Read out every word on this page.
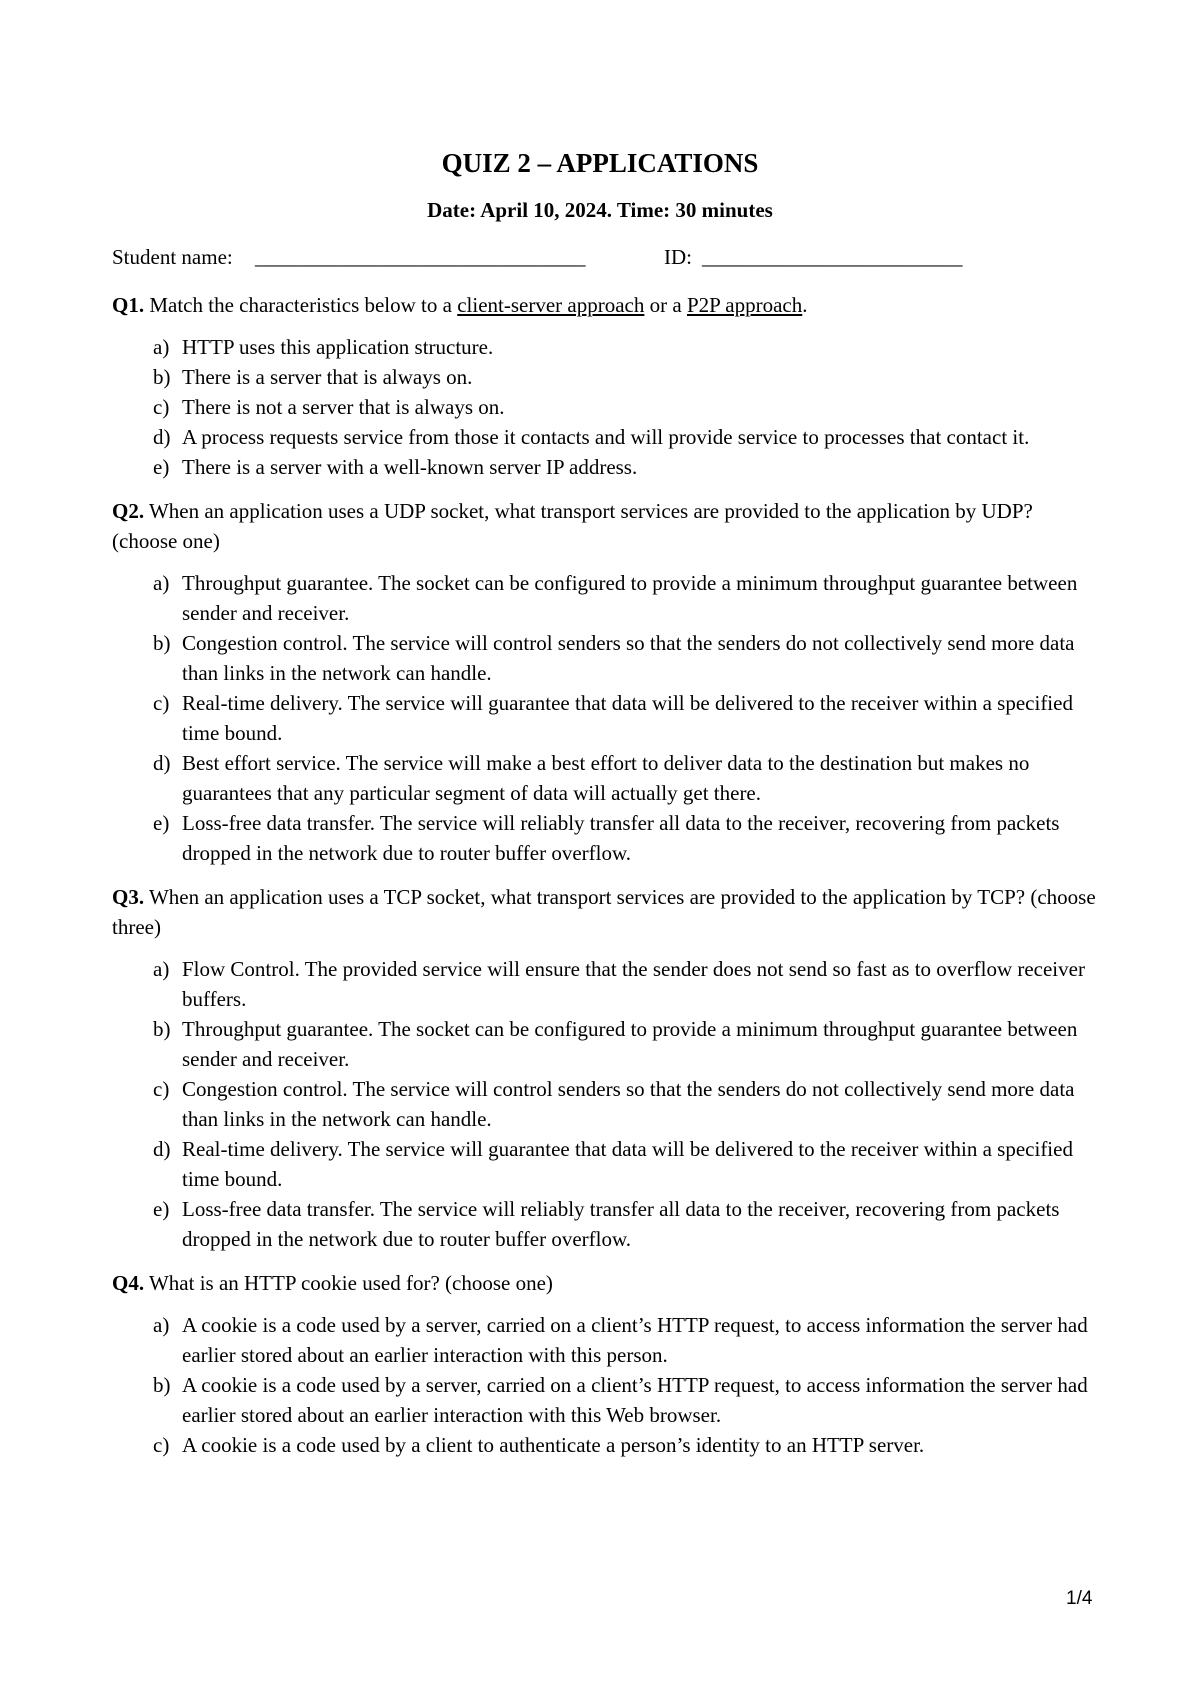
QUIZ 2 – APPLICATIONS
Date: April 10, 2024. Time: 30 minutes
Student name: _________________________________	ID: __________________________
Q1. Match the characteristics below to a client-server approach or a P2P approach.
a) HTTP uses this application structure.
b) There is a server that is always on.
c) There is not a server that is always on.
d) A process requests service from those it contacts and will provide service to processes that contact it.
e) There is a server with a well-known server IP address.
Q2. When an application uses a UDP socket, what transport services are provided to the application by UDP? (choose one)
a) Throughput guarantee. The socket can be configured to provide a minimum throughput guarantee between sender and receiver.
b) Congestion control. The service will control senders so that the senders do not collectively send more data than links in the network can handle.
c) Real-time delivery. The service will guarantee that data will be delivered to the receiver within a specified time bound.
d) Best effort service. The service will make a best effort to deliver data to the destination but makes no guarantees that any particular segment of data will actually get there.
e) Loss-free data transfer. The service will reliably transfer all data to the receiver, recovering from packets dropped in the network due to router buffer overflow.
Q3. When an application uses a TCP socket, what transport services are provided to the application by TCP? (choose three)
a) Flow Control. The provided service will ensure that the sender does not send so fast as to overflow receiver buffers.
b) Throughput guarantee. The socket can be configured to provide a minimum throughput guarantee between sender and receiver.
c) Congestion control. The service will control senders so that the senders do not collectively send more data than links in the network can handle.
d) Real-time delivery. The service will guarantee that data will be delivered to the receiver within a specified time bound.
e) Loss-free data transfer. The service will reliably transfer all data to the receiver, recovering from packets dropped in the network due to router buffer overflow.
Q4. What is an HTTP cookie used for? (choose one)
a) A cookie is a code used by a server, carried on a client’s HTTP request, to access information the server had earlier stored about an earlier interaction with this person.
b) A cookie is a code used by a server, carried on a client’s HTTP request, to access information the server had earlier stored about an earlier interaction with this Web browser.
c) A cookie is a code used by a client to authenticate a person’s identity to an HTTP server.
1/4
